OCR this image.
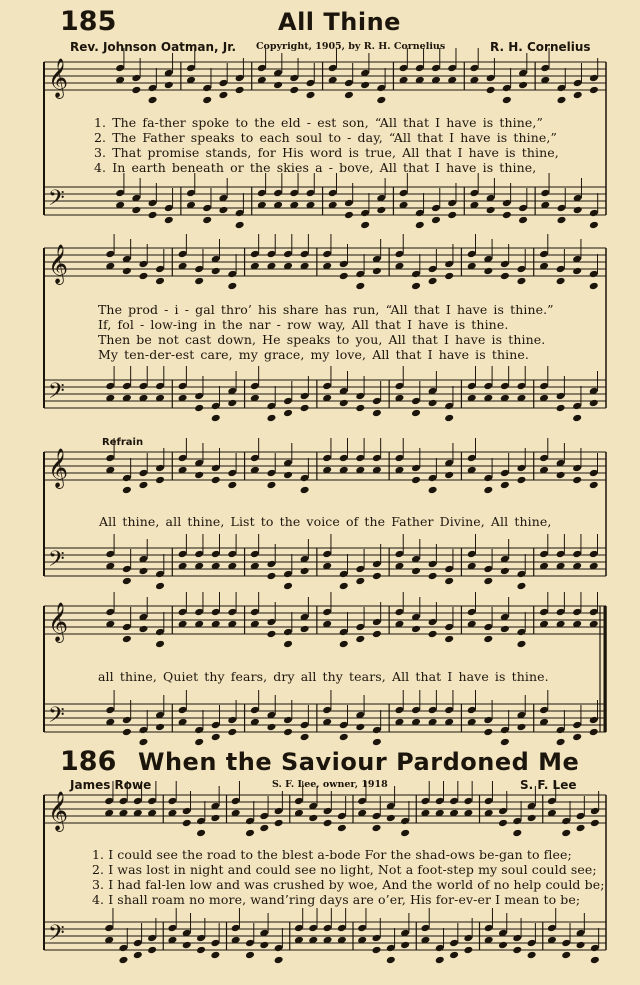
𝄞
𝄢
𝄞
𝄢
𝄞
𝄢
𝄞
𝄢
𝄞
𝄢
185	All Thine
Rev. Johnson Oatman, Jr. Copyright, 1905, by R. H. Cornelius	R. H. Cornelius
1. The fa-ther spoke to the eld - est son, “All that I have is thine,”
2. The Father speaks to each soul to - day, “All that I have is thine,”
3. That promise stands, for His word is true, All that I have is thine,
4. In earth beneath or the skies a - bove, All that I have is thine,
The prod - i - gal thro’ his share has run, “All that I have is thine.”
If, fol - low-ing in the nar - row way, All that I have is thine.
Then be not cast down, He speaks to you, All that I have is thine.
My ten-der-est care, my grace, my love, All that I have is thine.
Refrain
All thine, all thine, List to the voice of the Father Divine, All thine,
all thine, Quiet thy fears, dry all thy tears, All that I have is thine.
186 When the Saviour Pardoned Me
James Rowe	S. F. Lee, owner, 1918	S. F. Lee
1. I could see the road to the blest a-bode For the shad-ows be-gan to flee;
2. I was lost in night and could see no light, Not a foot-step my soul could see;
3. I had fal-len low and was crushed by woe, And the world of no help could be;
4. I shall roam no more, wand’ring days are o’er, His for-ev-er I mean to be;
